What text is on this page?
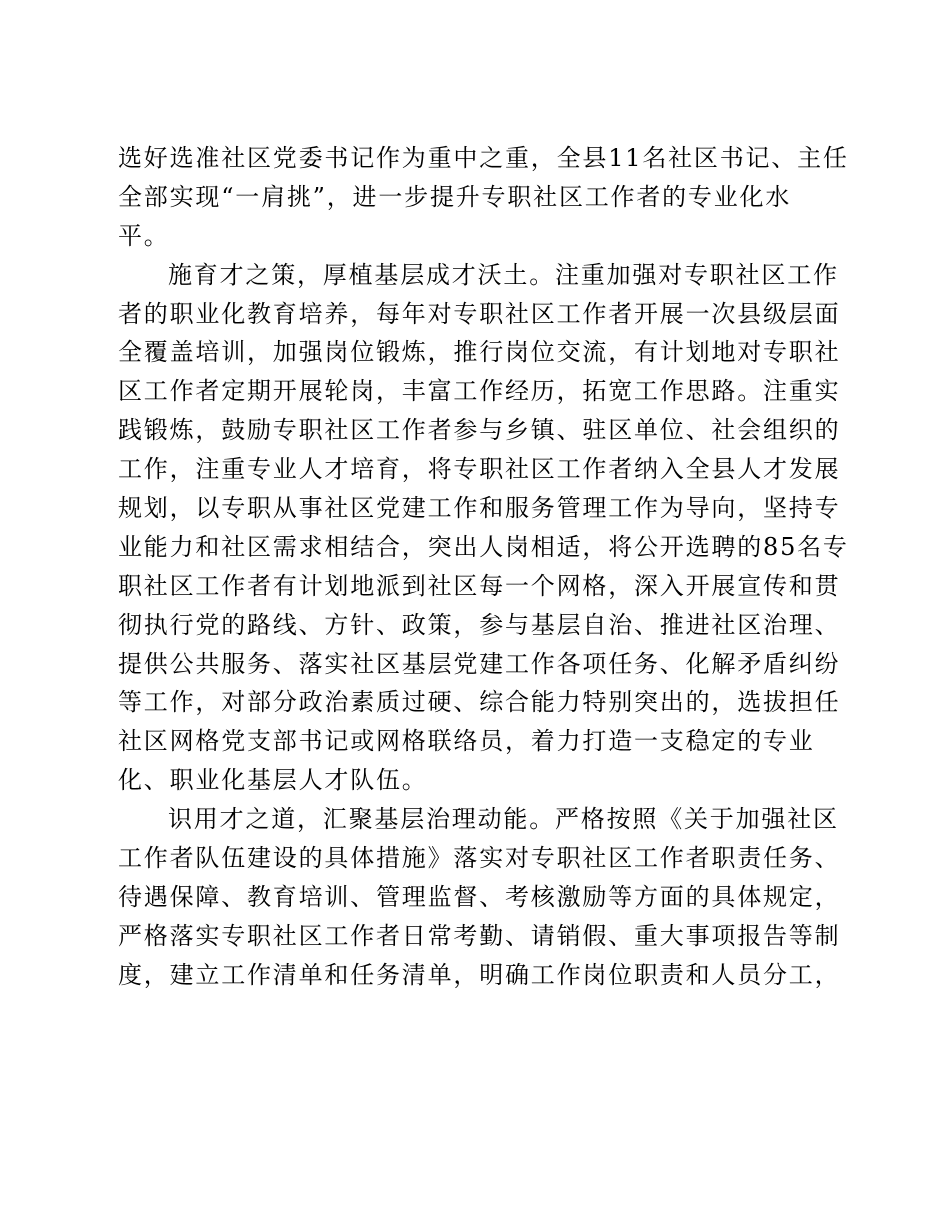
选好选准社区党委书记作为重中之重，全县11名社区书记、主任
全部实现“一肩挑”，进一步提升专职社区工作者的专业化水
平。
施育才之策，厚植基层成才沃土。注重加强对专职社区工作
者的职业化教育培养，每年对专职社区工作者开展一次县级层面
全覆盖培训，加强岗位锻炼，推行岗位交流，有计划地对专职社
区工作者定期开展轮岗，丰富工作经历，拓宽工作思路。注重实
践锻炼，鼓励专职社区工作者参与乡镇、驻区单位、社会组织的
工作，注重专业人才培育，将专职社区工作者纳入全县人才发展
规划，以专职从事社区党建工作和服务管理工作为导向，坚持专
业能力和社区需求相结合，突出人岗相适，将公开选聘的85名专
职社区工作者有计划地派到社区每一个网格，深入开展宣传和贯
彻执行党的路线、方针、政策，参与基层自治、推进社区治理、
提供公共服务、落实社区基层党建工作各项任务、化解矛盾纠纷
等工作，对部分政治素质过硬、综合能力特别突出的，选拔担任
社区网格党支部书记或网格联络员，着力打造一支稳定的专业
化、职业化基层人才队伍。
识用才之道，汇聚基层治理动能。严格按照《关于加强社区
工作者队伍建设的具体措施》落实对专职社区工作者职责任务、
待遇保障、教育培训、管理监督、考核激励等方面的具体规定，
严格落实专职社区工作者日常考勤、请销假、重大事项报告等制
度，建立工作清单和任务清单，明确工作岗位职责和人员分工，
